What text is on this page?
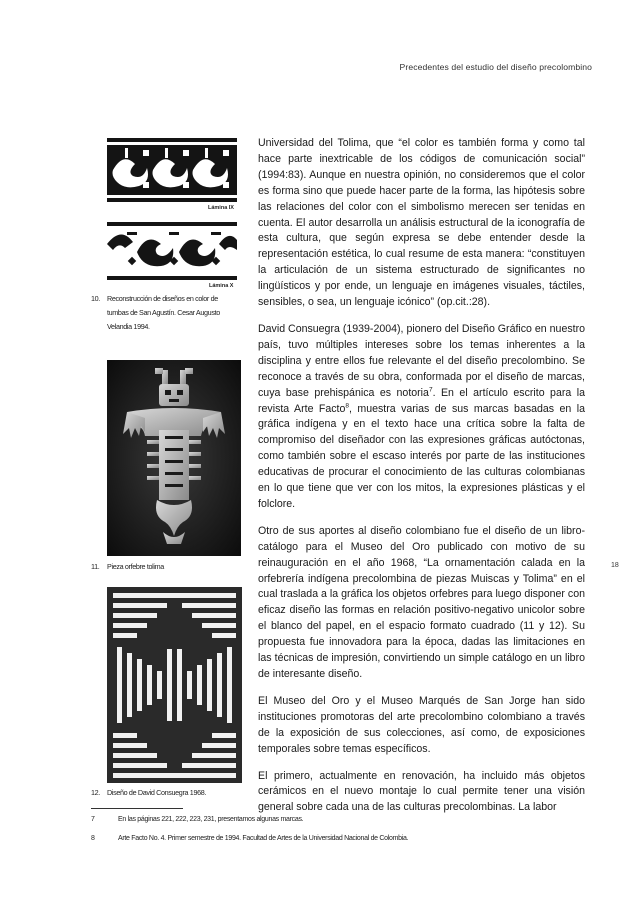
Precedentes del estudio del diseño precolombino
Lámina IX
Lámina X
10. Reconstrucción de diseños en color de
tumbas de San Agustín. Cesar Augusto
Velandia 1994.
11. Pieza orfebre tolima
12. Diseño de David Consuegra 1968.

Universidad del Tolima, que “el color es también forma y como tal hace parte inextricable de los códigos de comunicación social” (1994:83). Aunque en nuestra opinión, no consideremos que el color es forma sino que puede hacer parte de la forma, las hipótesis sobre las relaciones del color con el simbolismo merecen ser tenidas en cuenta. El autor desarrolla un análisis estructural de la iconografía de esta cultura, que según expresa se debe entender desde la representación estética, lo cual resume de esta manera: “constituyen la articulación de un sistema estructurado de significantes no lingüísticos y por ende, un lenguaje en imágenes visuales, táctiles, sensibles, o sea, un lenguaje icónico” (op.cit.:28).

David Consuegra (1939-2004), pionero del Diseño Gráfico en nuestro país, tuvo múltiples intereses sobre los temas inherentes a la disciplina y entre ellos fue relevante el del diseño precolombino. Se reconoce a través de su obra, conformada por el diseño de marcas, cuya base prehispánica es notoria$^7$. En el artículo escrito para la revista Arte Facto$^8$, muestra varias de sus marcas basadas en la gráfica indígena y en el texto hace una crítica sobre la falta de compromiso del diseñador con las expresiones gráficas autóctonas, como también sobre el escaso interés por parte de las instituciones educativas de procurar el conocimiento de las culturas colombianas en lo que tiene que ver con los mitos, la expresiones plásticas y el folclore.

Otro de sus aportes al diseño colombiano fue el diseño de un libro-catálogo para el Museo del Oro publicado con motivo de su reinauguración en el año 1968, “La ornamentación calada en la orfebrería indígena precolombina de piezas Muiscas y Tolima” en el cual traslada a la gráfica los objetos orfebres para luego disponer con eficaz diseño las formas en relación positivo-negativo unicolor sobre el blanco del papel, en el espacio formato cuadrado (11 y 12). Su propuesta fue innovadora para la época, dadas las limitaciones en las técnicas de impresión, convirtiendo un simple catálogo en un libro de interesante diseño.

El Museo del Oro y el Museo Marqués de San Jorge han sido instituciones promotoras del arte precolombino colombiano a través de la exposición de sus colecciones, así como, de exposiciones temporales sobre temas específicos.

El primero, actualmente en renovación, ha incluido más objetos cerámicos en el nuevo montaje lo cual permite tener una visión general sobre cada una de las culturas precolombinas. La labor

18
7	En las páginas 221, 222, 223, 231, presentamos algunas marcas.
8	Arte Facto No. 4. Primer semestre de 1994. Facultad de Artes de la Universidad Nacional de Colombia.
